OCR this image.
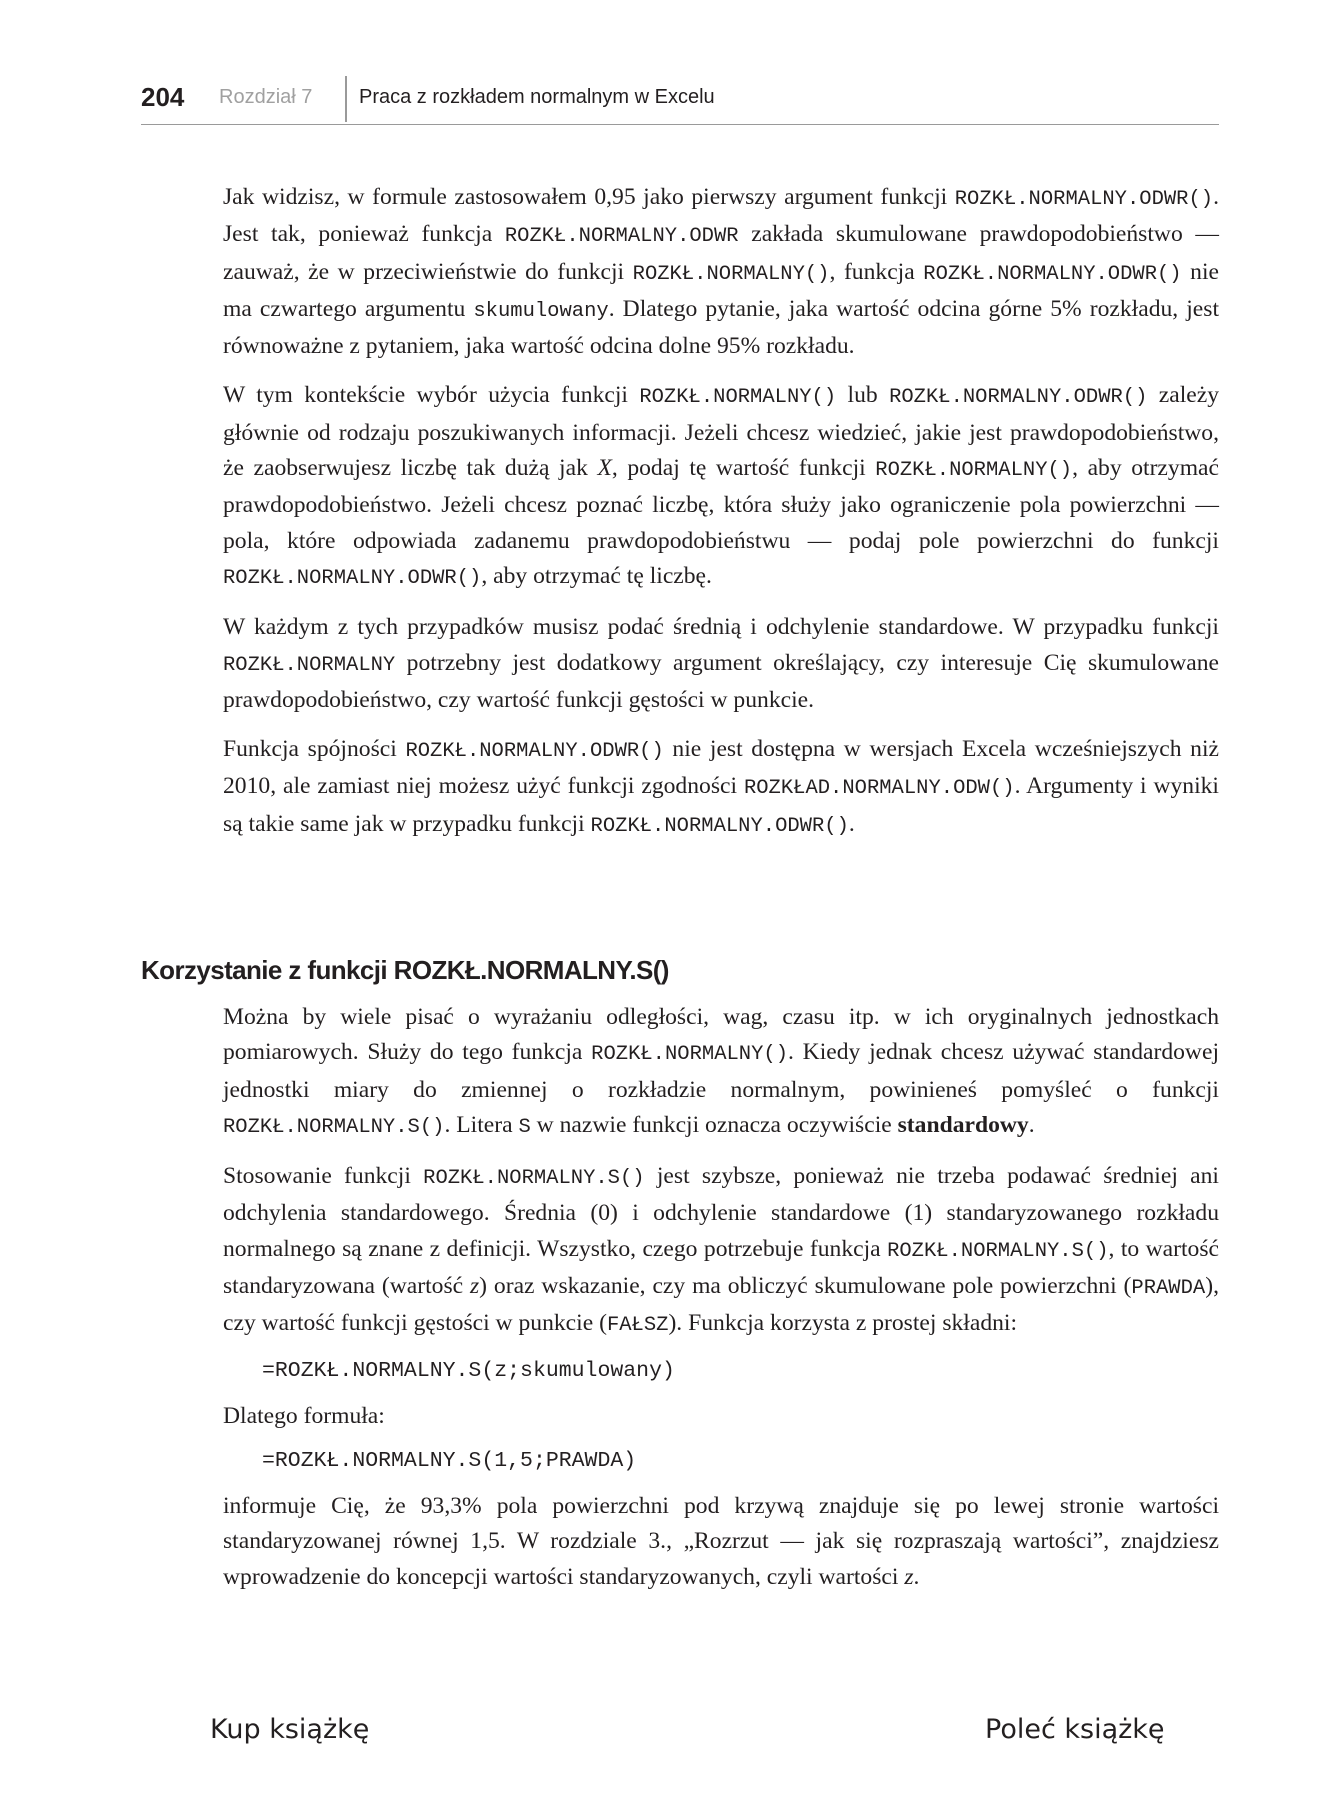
204 Rozdział 7 Praca z rozkładem normalnym w Excelu

Jak widzisz, w formule zastosowałem 0,95 jako pierwszy argument funkcji ROZKŁ.NORMALNY.ODWR(). Jest tak, ponieważ funkcja ROZKŁ.NORMALNY.ODWR zakłada skumulowane prawdopodobieństwo — zauważ, że w przeciwieństwie do funkcji ROZKŁ.NORMALNY(), funkcja ROZKŁ.NORMALNY.ODWR() nie ma czwartego argumentu skumulowany. Dlatego pytanie, jaka wartość odcina górne 5% rozkładu, jest równoważne z pytaniem, jaka wartość odcina dolne 95% rozkładu.

W tym kontekście wybór użycia funkcji ROZKŁ.NORMALNY() lub ROZKŁ.NORMALNY.ODWR() zależy głównie od rodzaju poszukiwanych informacji. Jeżeli chcesz wiedzieć, jakie jest prawdopodobieństwo, że zaobserwujesz liczbę tak dużą jak X, podaj tę wartość funkcji ROZKŁ.NORMALNY(), aby otrzymać prawdopodobieństwo. Jeżeli chcesz poznać liczbę, która służy jako ograniczenie pola powierzchni — pola, które odpowiada zadanemu prawdopodobieństwu — podaj pole powierzchni do funkcji ROZKŁ.NORMALNY.ODWR(), aby otrzymać tę liczbę.

W każdym z tych przypadków musisz podać średnią i odchylenie standardowe. W przypadku funkcji ROZKŁ.NORMALNY potrzebny jest dodatkowy argument określający, czy interesuje Cię skumulowane prawdopodobieństwo, czy wartość funkcji gęstości w punkcie.

Funkcja spójności ROZKŁ.NORMALNY.ODWR() nie jest dostępna w wersjach Excela wcześniejszych niż 2010, ale zamiast niej możesz użyć funkcji zgodności ROZKŁAD.NORMALNY.ODW(). Argumenty i wyniki są takie same jak w przypadku funkcji ROZKŁ.NORMALNY.ODWR().

Korzystanie z funkcji ROZKŁ.NORMALNY.S()

Można by wiele pisać o wyrażaniu odległości, wag, czasu itp. w ich oryginalnych jednostkach pomiarowych. Służy do tego funkcja ROZKŁ.NORMALNY(). Kiedy jednak chcesz używać standardowej jednostki miary do zmiennej o rozkładzie normalnym, powinieneś pomyśleć o funkcji ROZKŁ.NORMALNY.S(). Litera S w nazwie funkcji oznacza oczywiście standardowy.

Stosowanie funkcji ROZKŁ.NORMALNY.S() jest szybsze, ponieważ nie trzeba podawać średniej ani odchylenia standardowego. Średnia (0) i odchylenie standardowe (1) standaryzowanego rozkładu normalnego są znane z definicji. Wszystko, czego potrzebuje funkcja ROZKŁ.NORMALNY.S(), to wartość standaryzowana (wartość z) oraz wskazanie, czy ma obliczyć skumulowane pole powierzchni (PRAWDA), czy wartość funkcji gęstości w punkcie (FAŁSZ). Funkcja korzysta z prostej składni:

=ROZKŁ.NORMALNY.S(z;skumulowany)

Dlatego formuła:

=ROZKŁ.NORMALNY.S(1,5;PRAWDA)

informuje Cię, że 93,3% pola powierzchni pod krzywą znajduje się po lewej stronie wartości standaryzowanej równej 1,5. W rozdziale 3., „Rozrzut — jak się rozpraszają wartości”, znajdziesz wprowadzenie do koncepcji wartości standaryzowanych, czyli wartości z.

Kup książkę	Poleć książkę
